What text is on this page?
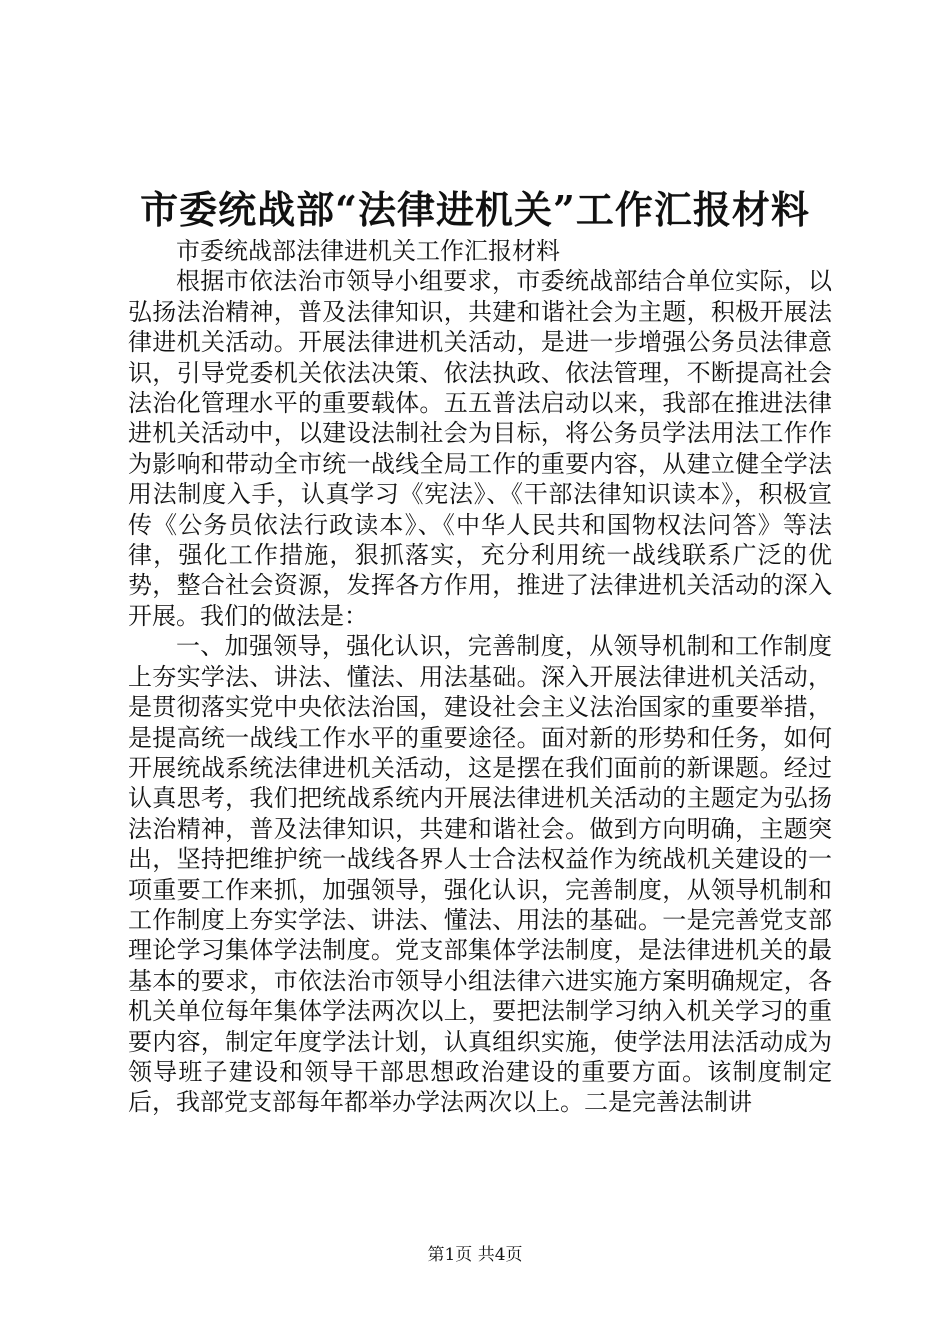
市委统战部“法律进机关”工作汇报材料

市委统战部法律进机关工作汇报材料

根据市依法治市领导小组要求，市委统战部结合单位实际，以弘扬法治精神，普及法律知识，共建和谐社会为主题，积极开展法律进机关活动。开展法律进机关活动，是进一步增强公务员法律意识，引导党委机关依法决策、依法执政、依法管理，不断提高社会法治化管理水平的重要载体。五五普法启动以来，我部在推进法律进机关活动中，以建设法制社会为目标，将公务员学法用法工作作为影响和带动全市统一战线全局工作的重要内容，从建立健全学法用法制度入手，认真学习《宪法》、《干部法律知识读本》，积极宣传《公务员依法行政读本》、《中华人民共和国物权法问答》等法律，强化工作措施，狠抓落实，充分利用统一战线联系广泛的优势，整合社会资源，发挥各方作用，推进了法律进机关活动的深入开展。我们的做法是：

一、加强领导，强化认识，完善制度，从领导机制和工作制度上夯实学法、讲法、懂法、用法基础。深入开展法律进机关活动，是贯彻落实党中央依法治国，建设社会主义法治国家的重要举措，是提高统一战线工作水平的重要途径。面对新的形势和任务，如何开展统战系统法律进机关活动，这是摆在我们面前的新课题。经过认真思考，我们把统战系统内开展法律进机关活动的主题定为弘扬法治精神，普及法律知识，共建和谐社会。做到方向明确，主题突出，坚持把维护统一战线各界人士合法权益作为统战机关建设的一项重要工作来抓，加强领导，强化认识，完善制度，从领导机制和工作制度上夯实学法、讲法、懂法、用法的基础。一是完善党支部理论学习集体学法制度。党支部集体学法制度，是法律进机关的最基本的要求，市依法治市领导小组法律六进实施方案明确规定，各机关单位每年集体学法两次以上，要把法制学习纳入机关学习的重要内容，制定年度学法计划，认真组织实施，使学法用法活动成为领导班子建设和领导干部思想政治建设的重要方面。该制度制定后，我部党支部每年都举办学法两次以上。二是完善法制讲

第1页 共4页
